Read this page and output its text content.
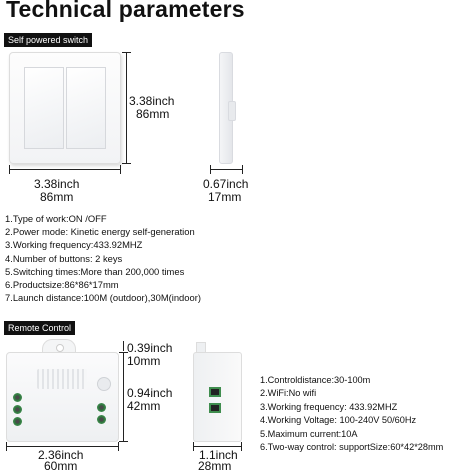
Technical parameters
Self powered switch
3.38inch
86mm
3.38inch
86mm
0.67inch
17mm
1.Type of work:ON /OFF
2.Power mode: Kinetic energy self-generation
3.Working frequency:433.92MHZ
4.Number of buttons: 2 keys
5.Switching times:More than 200,000 times
6.Productsize:86*86*17mm
7.Launch distance:100M (outdoor),30M(indoor)
Remote Control
0.39inch
10mm
0.94inch
42mm
2.36inch
60mm
1.1inch
28mm
1.Controldistance:30-100m
2.WiFi:No wifi
3.Working frequency: 433.92MHZ
4.Working Voltage: 100-240V 50/60Hz
5.Maximum current:10A
6.Two-way control: supportSize:60*42*28mm
